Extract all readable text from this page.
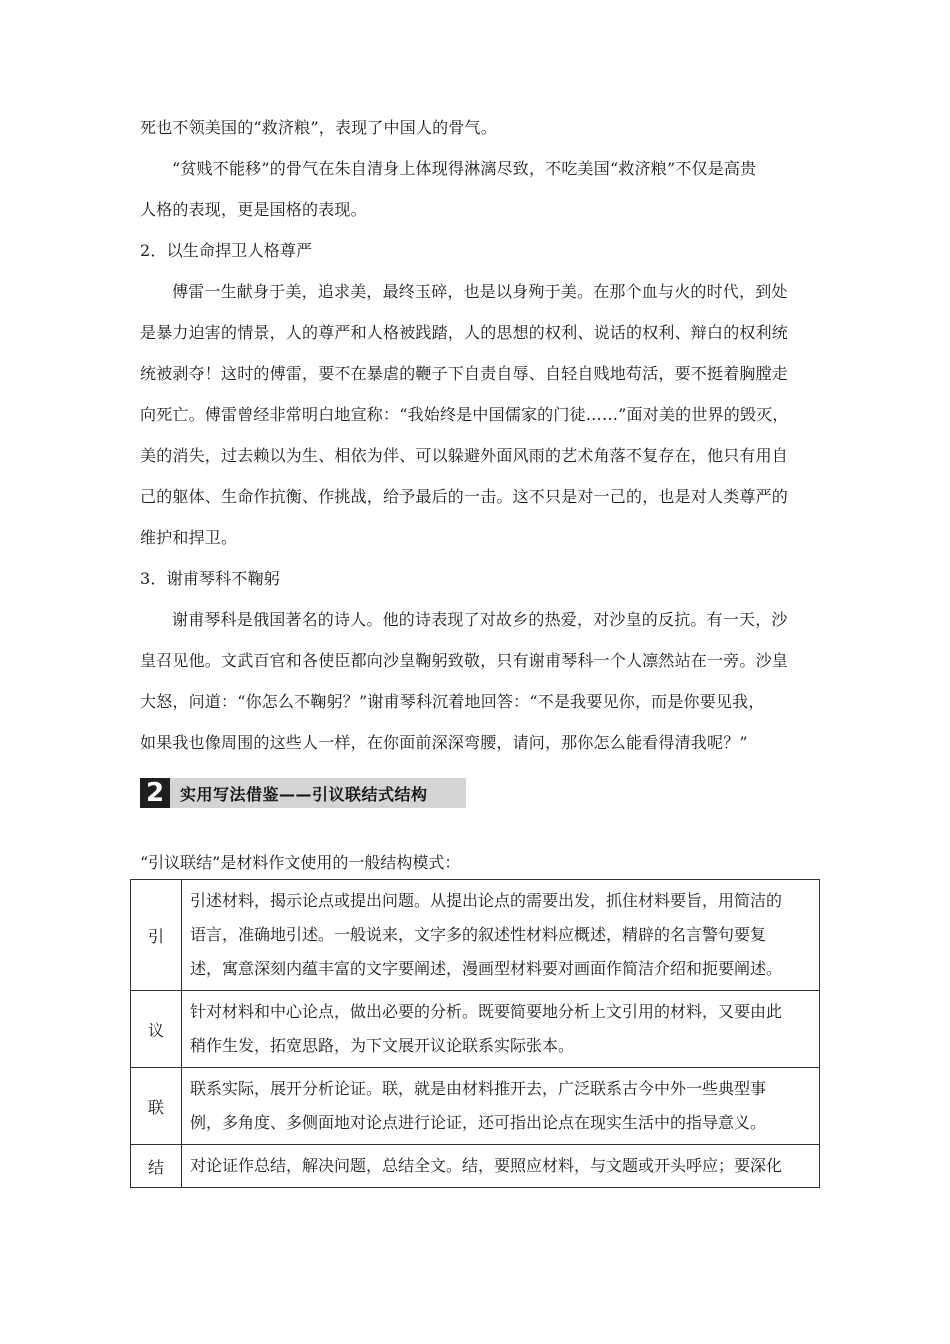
死也不领美国的“救济粮”，表现了中国人的骨气。
“贫贱不能移”的骨气在朱自清身上体现得淋漓尽致，不吃美国“救济粮”不仅是高贵
人格的表现，更是国格的表现。
2．以生命捍卫人格尊严
傅雷一生献身于美，追求美，最终玉碎，也是以身殉于美。在那个血与火的时代，到处
是暴力迫害的情景，人的尊严和人格被践踏，人的思想的权利、说话的权利、辩白的权利统
统被剥夺！这时的傅雷，要不在暴虐的鞭子下自责自辱、自轻自贱地苟活，要不挺着胸膛走
向死亡。傅雷曾经非常明白地宣称：“我始终是中国儒家的门徒……”面对美的世界的毁灭，
美的消失，过去赖以为生、相依为伴、可以躲避外面风雨的艺术角落不复存在，他只有用自
己的躯体、生命作抗衡、作挑战，给予最后的一击。这不只是对一己的，也是对人类尊严的
维护和捍卫。
3．谢甫琴科不鞠躬
谢甫琴科是俄国著名的诗人。他的诗表现了对故乡的热爱，对沙皇的反抗。有一天，沙
皇召见他。文武百官和各使臣都向沙皇鞠躬致敬，只有谢甫琴科一个人凛然站在一旁。沙皇
大怒，问道：“你怎么不鞠躬？”谢甫琴科沉着地回答：“不是我要见你，而是你要见我，
如果我也像周围的这些人一样，在你面前深深弯腰，请问，那你怎么能看得清我呢？”
2 实用写法借鉴——引议联结式结构
“引议联结”是材料作文使用的一般结构模式：
引	引述材料，揭示论点或提出问题。从提出论点的需要出发，抓住材料要旨，用简洁的
语言，准确地引述。一般说来，文字多的叙述性材料应概述，精辟的名言警句要复
述，寓意深刻内蕴丰富的文字要阐述，漫画型材料要对画面作简洁介绍和扼要阐述。

议	针对材料和中心论点，做出必要的分析。既要简要地分析上文引用的材料，又要由此
稍作生发，拓宽思路，为下文展开议论联系实际张本。

联	联系实际，展开分析论证。联，就是由材料推开去，广泛联系古今中外一些典型事
例，多角度、多侧面地对论点进行论证，还可指出论点在现实生活中的指导意义。

结	对论证作总结，解决问题，总结全文。结，要照应材料，与文题或开头呼应；要深化
